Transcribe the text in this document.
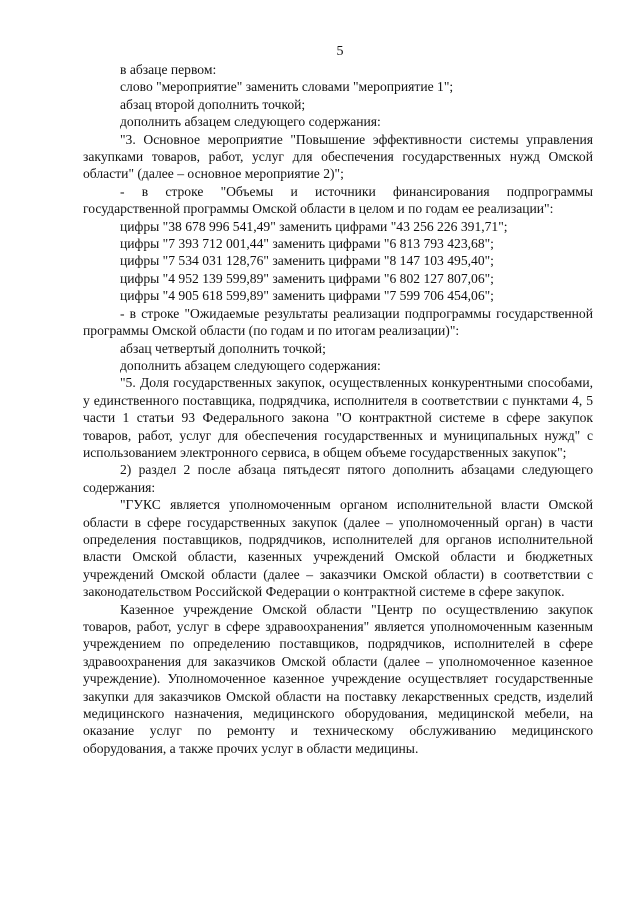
5

в абзаце первом:

слово "мероприятие" заменить словами "мероприятие 1";

абзац второй дополнить точкой;

дополнить абзацем следующего содержания:

"3. Основное мероприятие "Повышение эффективности системы управления закупками товаров, работ, услуг для обеспечения государственных нужд Омской области" (далее – основное мероприятие 2)";

- в строке "Объемы и источники финансирования подпрограммы государственной программы Омской области в целом и по годам ее реализации":

цифры "38 678 996 541,49" заменить цифрами "43 256 226 391,71";

цифры "7 393 712 001,44" заменить цифрами "6 813 793 423,68";

цифры "7 534 031 128,76" заменить цифрами "8 147 103 495,40";

цифры "4 952 139 599,89" заменить цифрами "6 802 127 807,06";

цифры "4 905 618 599,89" заменить цифрами "7 599 706 454,06";

- в строке "Ожидаемые результаты реализации подпрограммы государственной программы Омской области (по годам и по итогам реализации)":

абзац четвертый дополнить точкой;

дополнить абзацем следующего содержания:

"5. Доля государственных закупок, осуществленных конкурентными способами, у единственного поставщика, подрядчика, исполнителя в соответствии с пунктами 4, 5 части 1 статьи 93 Федерального закона "О контрактной системе в сфере закупок товаров, работ, услуг для обеспечения государственных и муниципальных нужд" с использованием электронного сервиса, в общем объеме государственных закупок";

2) раздел 2 после абзаца пятьдесят пятого дополнить абзацами следующего содержания:

"ГУКС является уполномоченным органом исполнительной власти Омской области в сфере государственных закупок (далее – уполномоченный орган) в части определения поставщиков, подрядчиков, исполнителей для органов исполнительной власти Омской области, казенных учреждений Омской области и бюджетных учреждений Омской области (далее – заказчики Омской области) в соответствии с законодательством Российской Федерации о контрактной системе в сфере закупок.

Казенное учреждение Омской области "Центр по осуществлению закупок товаров, работ, услуг в сфере здравоохранения" является уполномоченным казенным учреждением по определению поставщиков, подрядчиков, исполнителей в сфере здравоохранения для заказчиков Омской области (далее – уполномоченное казенное учреждение). Уполномоченное казенное учреждение осуществляет государственные закупки для заказчиков Омской области на поставку лекарственных средств, изделий медицинского назначения, медицинского оборудования, медицинской мебели, на оказание услуг по ремонту и техническому обслуживанию медицинского оборудования, а также прочих услуг в области медицины.
